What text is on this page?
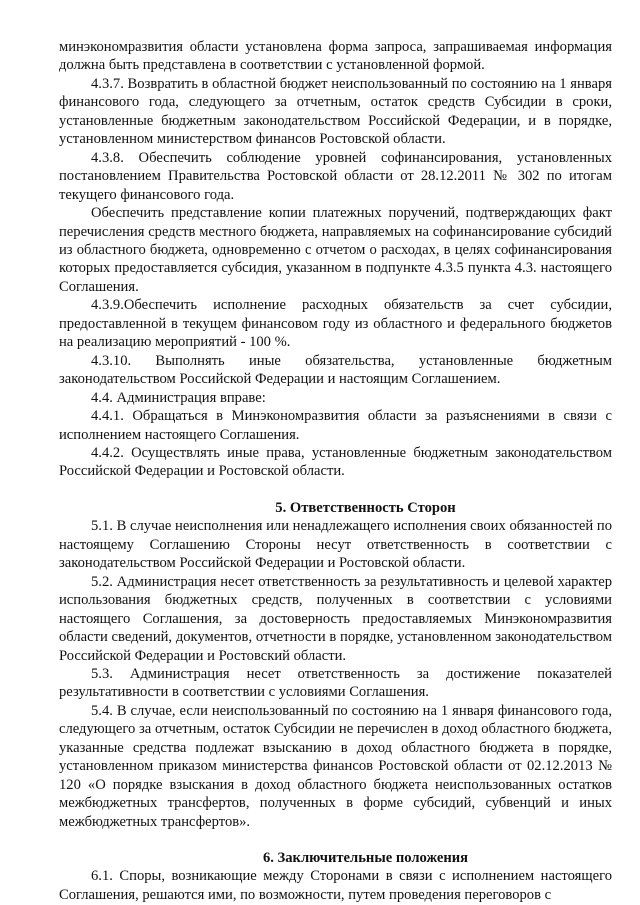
минэкономразвития области установлена форма запроса, запрашиваемая информация должна быть представлена в соответствии с установленной формой.

4.3.7. Возвратить в областной бюджет неиспользованный по состоянию на 1 января финансового года, следующего за отчетным, остаток средств Субсидии в сроки, установленные бюджетным законодательством Российской Федерации, и в порядке, установленном министерством финансов Ростовской области.

4.3.8. Обеспечить соблюдение уровней софинансирования, установленных постановлением Правительства Ростовской области от 28.12.2011 № 302 по итогам текущего финансового года.

Обеспечить представление копии платежных поручений, подтверждающих факт перечисления средств местного бюджета, направляемых на софинансирование субсидий из областного бюджета, одновременно с отчетом о расходах, в целях софинансирования которых предоставляется субсидия, указанном в подпункте 4.3.5 пункта 4.3. настоящего Соглашения.

4.3.9.Обеспечить исполнение расходных обязательств за счет субсидии, предоставленной в текущем финансовом году из областного и федерального бюджетов на реализацию мероприятий - 100 %.

4.3.10. Выполнять иные обязательства, установленные бюджетным законодательством Российской Федерации и настоящим Соглашением.

4.4. Администрация вправе:

4.4.1. Обращаться в Минэкономразвития области за разъяснениями в связи с исполнением настоящего Соглашения.

4.4.2. Осуществлять иные права, установленные бюджетным законодательством Российской Федерации и Ростовской области.

5. Ответственность Сторон

5.1. В случае неисполнения или ненадлежащего исполнения своих обязанностей по настоящему Соглашению Стороны несут ответственность в соответствии с законодательством Российской Федерации и Ростовской области.

5.2. Администрация несет ответственность за результативность и целевой характер использования бюджетных средств, полученных в соответствии с условиями настоящего Соглашения, за достоверность предоставляемых Минэкономразвития области сведений, документов, отчетности в порядке, установленном законодательством Российской Федерации и Ростовский области.

5.3. Администрация несет ответственность за достижение показателей результативности в соответствии с условиями Соглашения.

5.4. В случае, если неиспользованный по состоянию на 1 января финансового года, следующего за отчетным, остаток Субсидии не перечислен в доход областного бюджета, указанные средства подлежат взысканию в доход областного бюджета в порядке, установленном приказом министерства финансов Ростовской области от 02.12.2013 № 120 «О порядке взыскания в доход областного бюджета неиспользованных остатков межбюджетных трансфертов, полученных в форме субсидий, субвенций и иных межбюджетных трансфертов».

6. Заключительные положения

6.1. Споры, возникающие между Сторонами в связи с исполнением настоящего Соглашения, решаются ими, по возможности, путем проведения переговоров с
